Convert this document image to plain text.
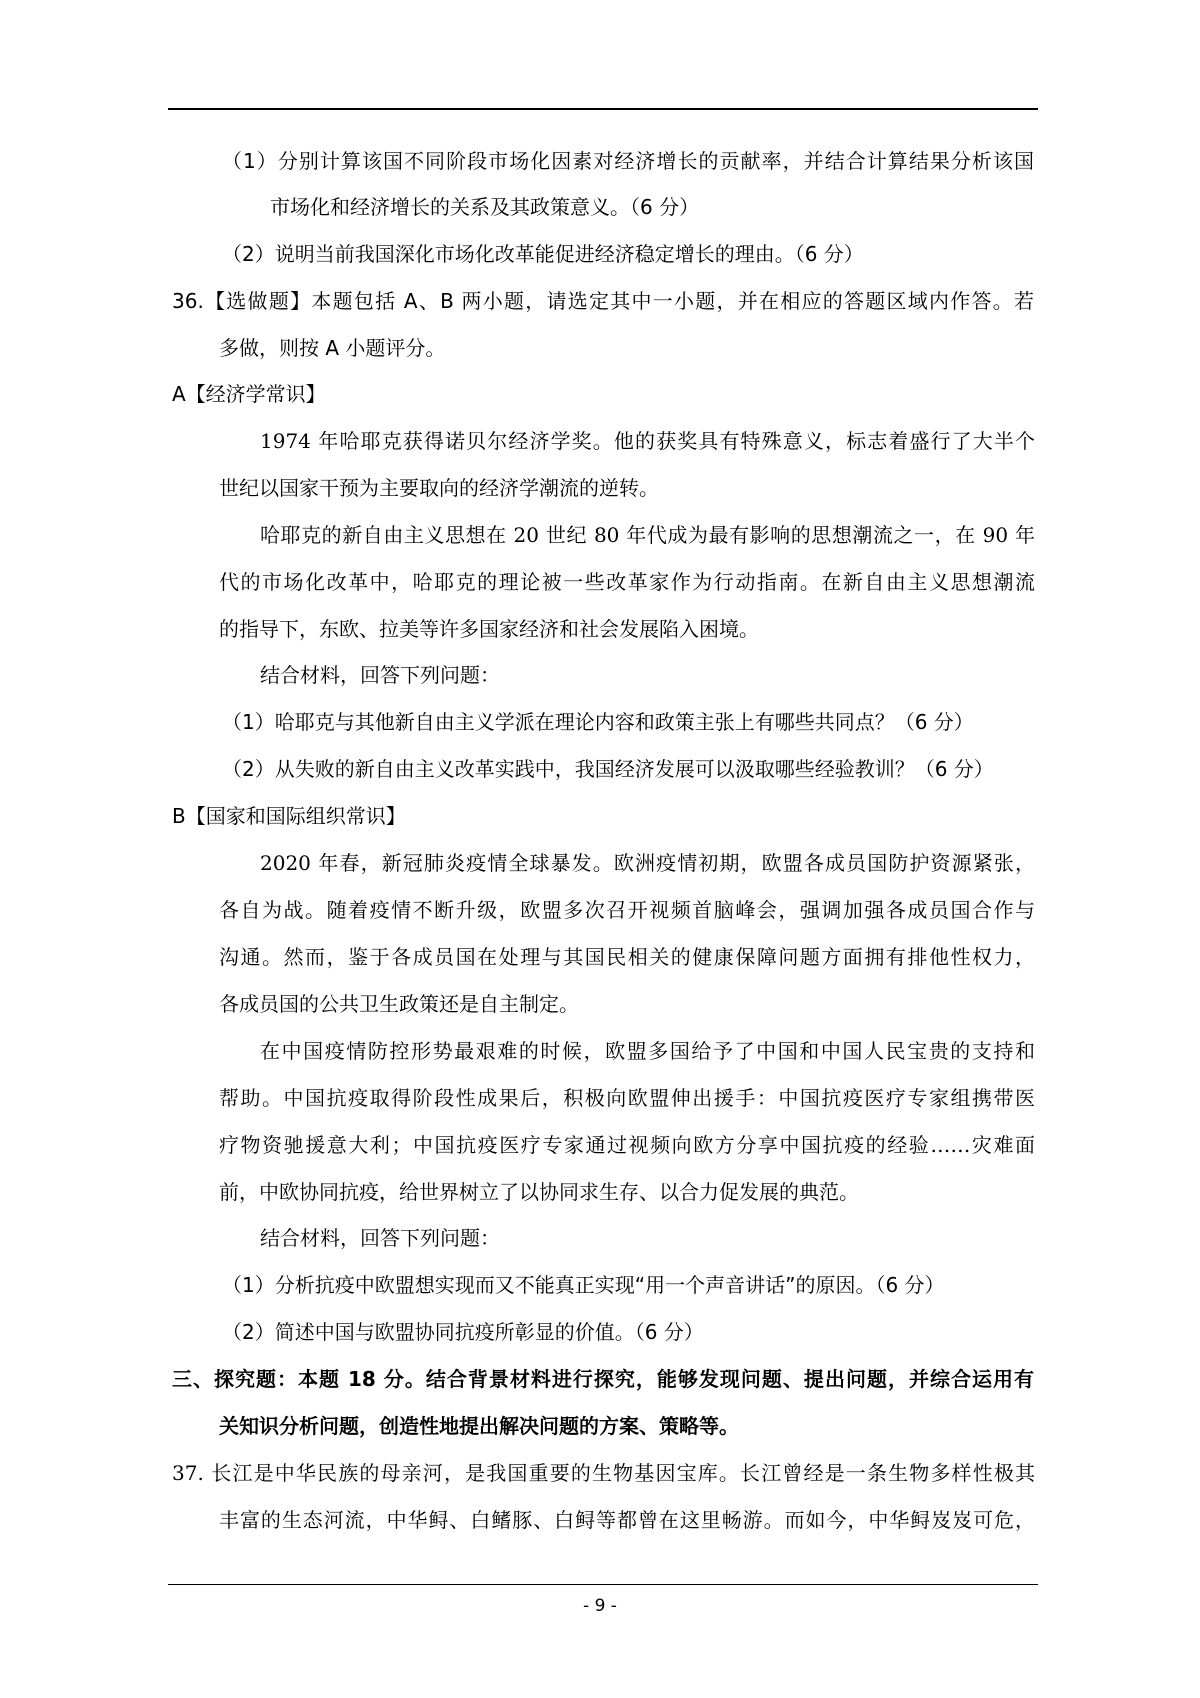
（1）分别计算该国不同阶段市场化因素对经济增长的贡献率，并结合计算结果分析该国
市场化和经济增长的关系及其政策意义。（6 分）
（2）说明当前我国深化市场化改革能促进经济稳定增长的理由。（6 分）
36.【选做题】本题包括 A、B 两小题，请选定其中一小题，并在相应的答题区域内作答。若
多做，则按 A 小题评分。
A【经济学常识】
1974 年哈耶克获得诺贝尔经济学奖。他的获奖具有特殊意义，标志着盛行了大半个
世纪以国家干预为主要取向的经济学潮流的逆转。
哈耶克的新自由主义思想在 20 世纪 80 年代成为最有影响的思想潮流之一，在 90 年
代的市场化改革中，哈耶克的理论被一些改革家作为行动指南。在新自由主义思想潮流
的指导下，东欧、拉美等许多国家经济和社会发展陷入困境。
结合材料，回答下列问题：
（1）哈耶克与其他新自由主义学派在理论内容和政策主张上有哪些共同点？（6 分）
（2）从失败的新自由主义改革实践中，我国经济发展可以汲取哪些经验教训？（6 分）
B【国家和国际组织常识】
2020 年春，新冠肺炎疫情全球暴发。欧洲疫情初期，欧盟各成员国防护资源紧张，
各自为战。随着疫情不断升级，欧盟多次召开视频首脑峰会，强调加强各成员国合作与
沟通。然而，鉴于各成员国在处理与其国民相关的健康保障问题方面拥有排他性权力，
各成员国的公共卫生政策还是自主制定。
在中国疫情防控形势最艰难的时候，欧盟多国给予了中国和中国人民宝贵的支持和
帮助。中国抗疫取得阶段性成果后，积极向欧盟伸出援手：中国抗疫医疗专家组携带医
疗物资驰援意大利；中国抗疫医疗专家通过视频向欧方分享中国抗疫的经验……灾难面
前，中欧协同抗疫，给世界树立了以协同求生存、以合力促发展的典范。
结合材料，回答下列问题：
（1）分析抗疫中欧盟想实现而又不能真正实现“用一个声音讲话”的原因。（6 分）
（2）简述中国与欧盟协同抗疫所彰显的价值。（6 分）
三、探究题：本题 18 分。结合背景材料进行探究，能够发现问题、提出问题，并综合运用有
关知识分析问题，创造性地提出解决问题的方案、策略等。
37. 长江是中华民族的母亲河，是我国重要的生物基因宝库。长江曾经是一条生物多样性极其
丰富的生态河流，中华鲟、白鳍豚、白鲟等都曾在这里畅游。而如今，中华鲟岌岌可危，
- 9 -
